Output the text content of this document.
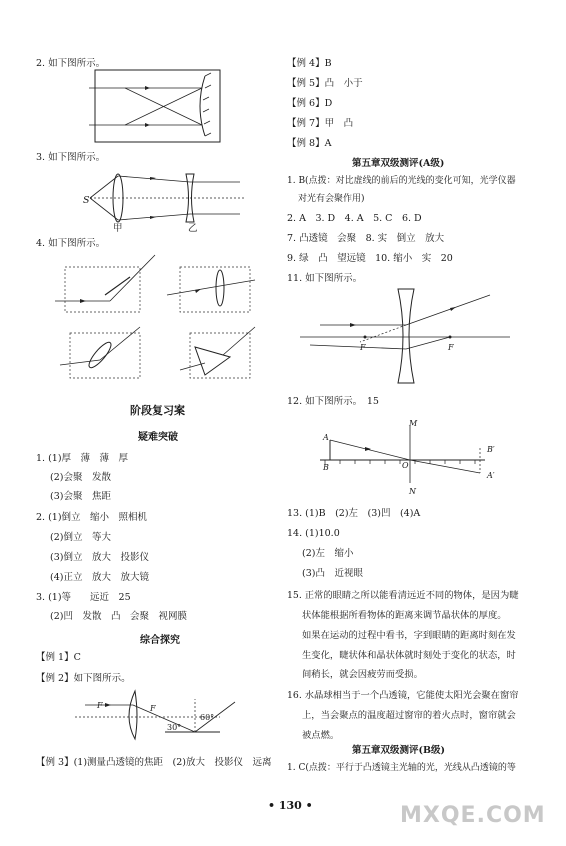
2. 如下图所示。
3. 如下图所示。
S
甲	乙
4. 如下图所示。
阶段复习案
疑难突破
1. (1)厚　薄　薄　厚
(2)会聚　发散
(3)会聚　焦距
2. (1)倒立　缩小　照相机
(2)倒立　等大
(3)倒立　放大　投影仪
(4)正立　放大　放大镜
3. (1)等　　远近　25
(2)凹　发散　凸　会聚　视网膜
综合探究
【例 1】C
【例 2】如下图所示。
F	F
30°
60°
【例 3】(1)测量凸透镜的焦距　(2)放大　投影仪　远离
【例 4】B
【例 5】凸　小于
【例 6】D
【例 7】甲　凸
【例 8】A
第五章双级测评(A级)
1. B(点拨：对比虚线的前后的光线的变化可知，光学仪器
对光有会聚作用)
2. A　3. D　4. A　5. C　6. D
7. 凸透镜　会聚　8. 实　倒立　放大
9. 绿　凸　望远镜　10. 缩小　实　20
11. 如下图所示。
F	F
12. 如下图所示。　15
A
B
M
N
O
B′
A′
13. (1)B　(2)左　(3)凹　(4)A
14. (1)10.0
(2)左　缩小
(3)凸　近视眼
15. 正常的眼睛之所以能看清远近不同的物体，是因为睫
状体能根据所看物体的距离来调节晶状体的厚度。
如果在运动的过程中看书，字到眼睛的距离时刻在发
生变化，睫状体和晶状体就时刻处于变化的状态，时
间稍长，就会因疲劳而受损。
16. 水晶球相当于一个凸透镜，它能使太阳光会聚在窗帘
上，当会聚点的温度超过窗帘的着火点时，窗帘就会
被点燃。
第五章双级测评(B级)
1. C(点拨：平行于凸透镜主光轴的光，光线从凸透镜的等
• 130 •	MXQE.COM
